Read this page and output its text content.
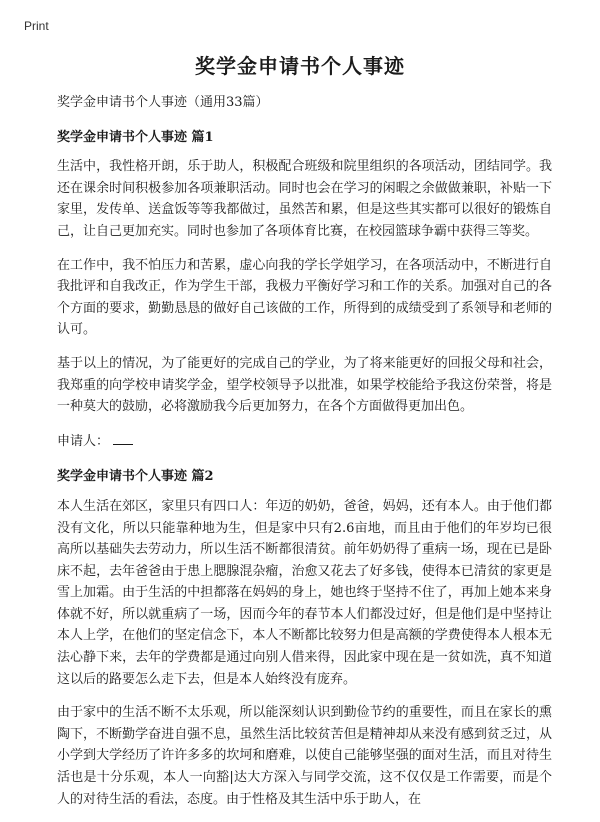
Print
奖学金申请书个人事迹

奖学金申请书个人事迹（通用33篇）

奖学金申请书个人事迹 篇1

生活中，我性格开朗，乐于助人，积极配合班级和院里组织的各项活动，团结同学。我还在课余时间积极参加各项兼职活动。同时也会在学习的闲暇之余做做兼职，补贴一下家里，发传单、送盒饭等等我都做过，虽然苦和累，但是这些其实都可以很好的锻炼自己，让自己更加充实。同时也参加了各项体育比赛，在校园篮球争霸中获得三等奖。

在工作中，我不怕压力和苦累，虚心向我的学长学姐学习，在各项活动中，不断进行自我批评和自我改正，作为学生干部，我极力平衡好学习和工作的关系。加强对自己的各个方面的要求，勤勤恳恳的做好自己该做的工作，所得到的成绩受到了系领导和老师的认可。

基于以上的情况，为了能更好的完成自己的学业，为了将来能更好的回报父母和社会，我郑重的向学校申请奖学金，望学校领导予以批准，如果学校能给予我这份荣誉，将是一种莫大的鼓励，必将激励我今后更加努力，在各个方面做得更加出色。

申请人：

奖学金申请书个人事迹 篇2

本人生活在郊区，家里只有四口人：年迈的奶奶，爸爸，妈妈，还有本人。由于他们都没有文化，所以只能靠种地为生，但是家中只有2.6亩地，而且由于他们的年岁均已很高所以基础失去劳动力，所以生活不断都很清贫。前年奶奶得了重病一场，现在已是卧床不起，去年爸爸由于患上腮腺混杂瘤，治愈又花去了好多钱，使得本已清贫的家更是雪上加霜。由于生活的中担都落在妈妈的身上，她也终于坚持不住了，再加上她本来身体就不好，所以就重病了一场，因而今年的春节本人们都没过好，但是他们是中坚持让本人上学，在他们的坚定信念下，本人不断都比较努力但是高额的学费使得本人根本无法心静下来，去年的学费都是通过向别人借来得，因此家中现在是一贫如洗，真不知道这以后的路要怎么走下去，但是本人始终没有庞弃。

由于家中的生活不断不太乐观，所以能深刻认识到勤俭节约的重要性，而且在家长的熏陶下，不断勤学奋进自强不息，虽然生活比较贫苦但是精神却从来没有感到贫乏过，从小学到大学经历了许许多多的坎坷和磨难，以使自己能够坚强的面对生活，而且对待生活也是十分乐观，本人一向豁|达大方深入与同学交流，这不仅仅是工作需要，而是个人的对待生活的看法，态度。由于性格及其生活中乐于助人，在
